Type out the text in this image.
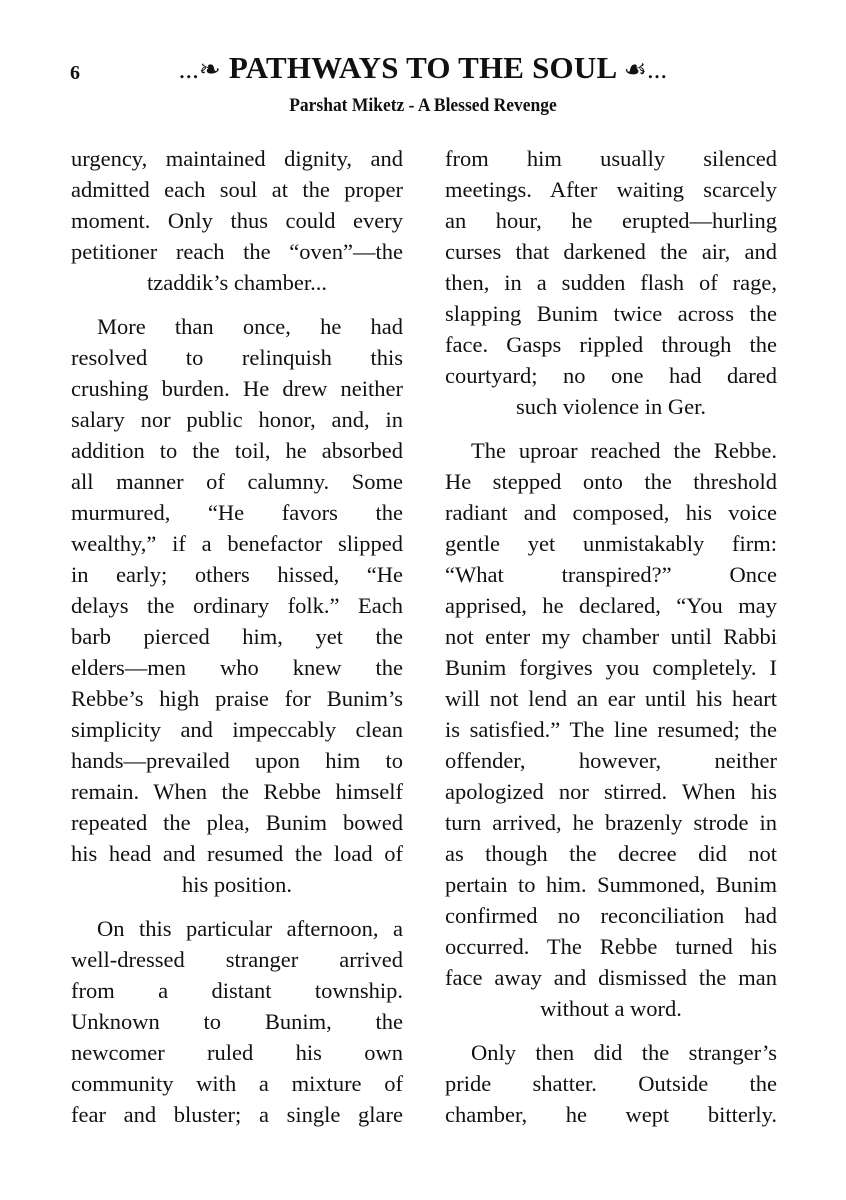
6	...❧ PATHWAYS TO THE SOUL ☙...
Parshat Miketz - A Blessed Revenge
urgency, maintained dignity, and
admitted each soul at the proper
moment. Only thus could every
petitioner reach the “oven”—the
tzaddik’s chamber...
More than once, he had
resolved to relinquish this
crushing burden. He drew neither
salary nor public honor, and, in
addition to the toil, he absorbed
all manner of calumny. Some
murmured, “He favors the
wealthy,” if a benefactor slipped
in early; others hissed, “He
delays the ordinary folk.” Each
barb pierced him, yet the
elders—men who knew the
Rebbe’s high praise for Bunim’s
simplicity and impeccably clean
hands—prevailed upon him to
remain. When the Rebbe himself
repeated the plea, Bunim bowed
his head and resumed the load of
his position.
On this particular afternoon, a
well-dressed stranger arrived
from a distant township.
Unknown to Bunim, the
newcomer ruled his own
community with a mixture of
fear and bluster; a single glare
from him usually silenced
meetings. After waiting scarcely
an hour, he erupted—hurling
curses that darkened the air, and
then, in a sudden flash of rage,
slapping Bunim twice across the
face. Gasps rippled through the
courtyard; no one had dared
such violence in Ger.
The uproar reached the Rebbe.
He stepped onto the threshold
radiant and composed, his voice
gentle yet unmistakably firm:
“What transpired?” Once
apprised, he declared, “You may
not enter my chamber until Rabbi
Bunim forgives you completely. I
will not lend an ear until his heart
is satisfied.” The line resumed; the
offender, however, neither
apologized nor stirred. When his
turn arrived, he brazenly strode in
as though the decree did not
pertain to him. Summoned, Bunim
confirmed no reconciliation had
occurred. The Rebbe turned his
face away and dismissed the man
without a word.
Only then did the stranger’s
pride shatter. Outside the
chamber, he wept bitterly.
